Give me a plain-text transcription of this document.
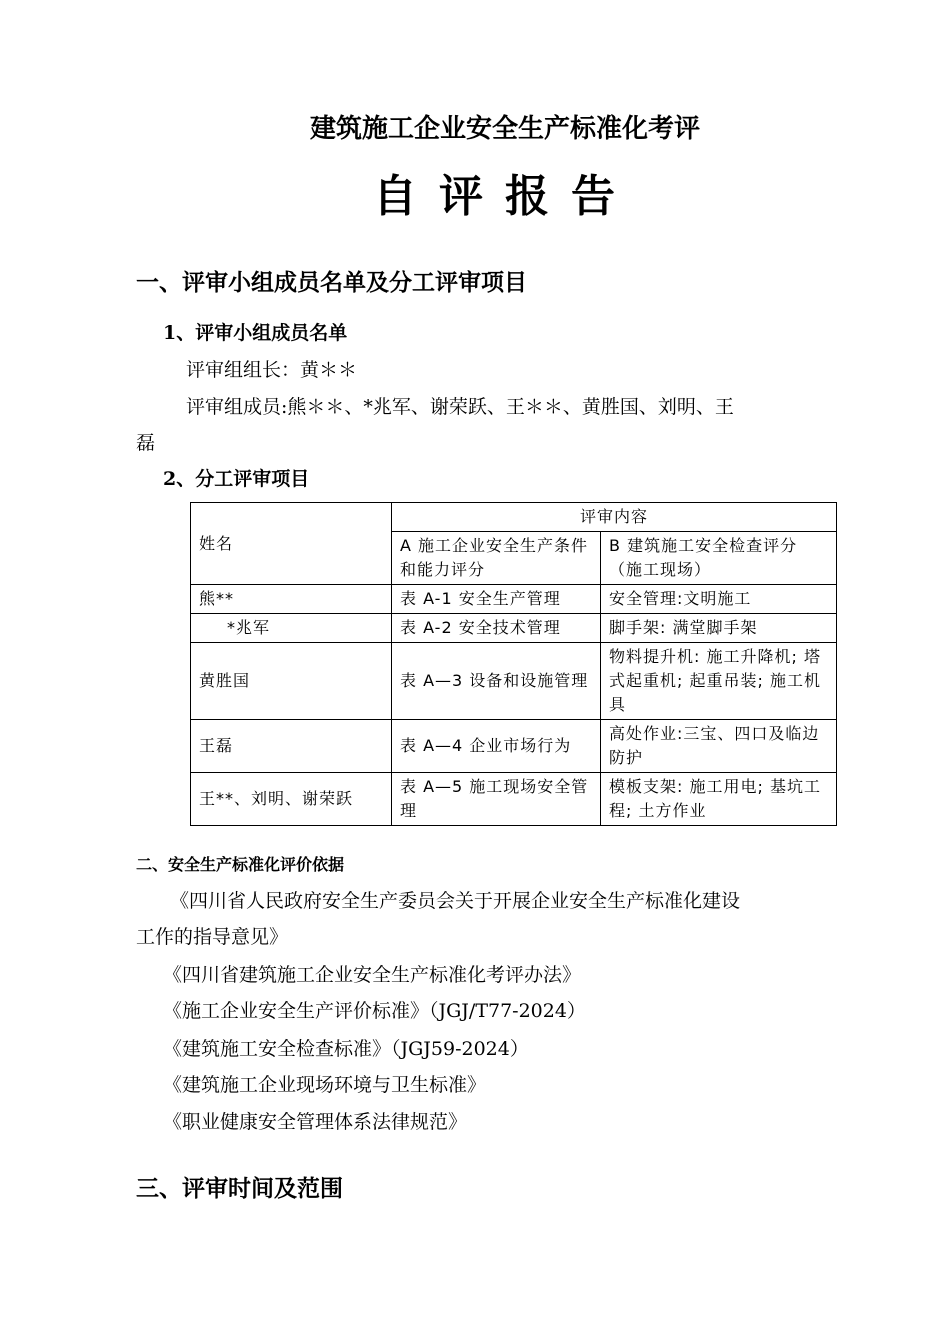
建筑施工企业安全生产标准化考评
自评报告
一、评审小组成员名单及分工评审项目
1、评审小组成员名单
评审组组长：黄＊＊
评审组成员:熊＊＊、*兆军、谢荣跃、王＊＊、黄胜国、刘明、王
磊
2、分工评审项目
姓名	评审内容	
	A 施工企业安全生产条件和能力评分	B 建筑施工安全检查评分
（施工现场）

熊**	表 A-1 安全生产管理	安全管理:文明施工
*兆军	表 A-2 安全技术管理	脚手架: 满堂脚手架
黄胜国	表 A—3 设备和设施管理	物料提升机: 施工升降机; 塔式起重机; 起重吊装; 施工机具
王磊	表 A—4 企业市场行为	高处作业:三宝、四口及临边防护
王**、刘明、谢荣跃	表 A—5 施工现场安全管理	模板支架: 施工用电; 基坑工程; 土方作业
二、安全生产标准化评价依据
《四川省人民政府安全生产委员会关于开展企业安全生产标准化建设
工作的指导意见》
《四川省建筑施工企业安全生产标准化考评办法》
《施工企业安全生产评价标准》（JGJ/T77-2024）
《建筑施工安全检查标准》（JGJ59-2024）
《建筑施工企业现场环境与卫生标准》
《职业健康安全管理体系法律规范》
三、评审时间及范围
